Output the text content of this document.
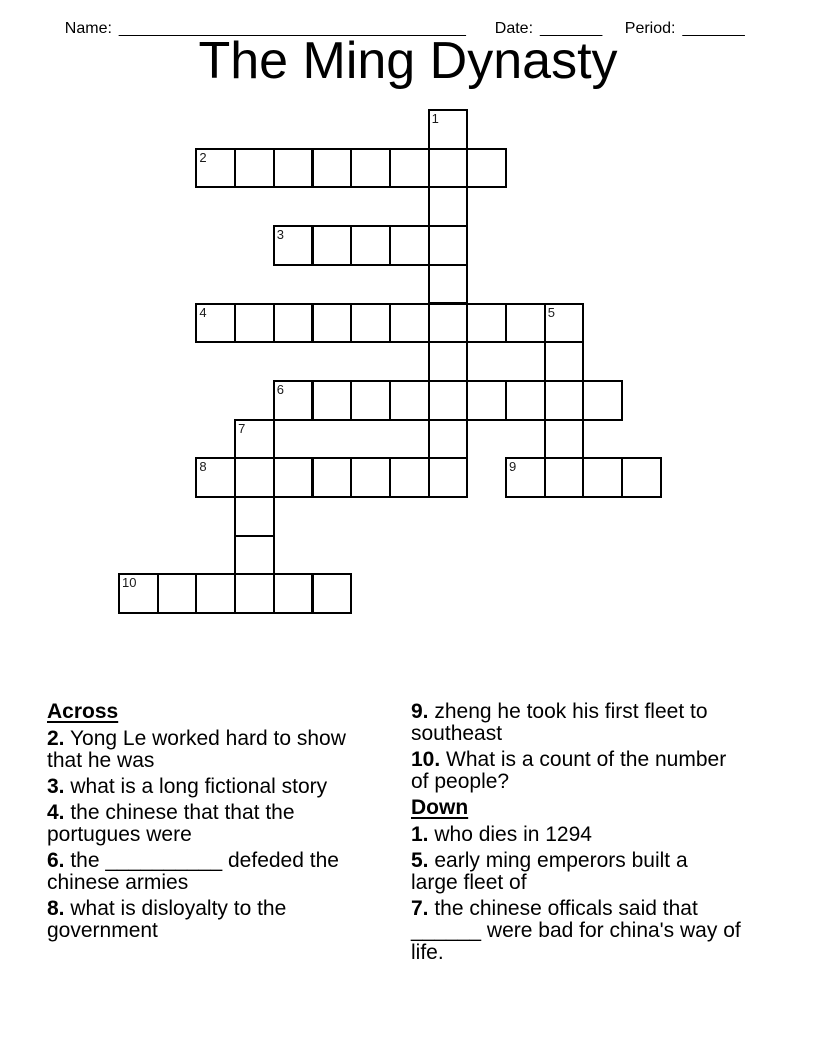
Name: _______________________________________
	Date: _______
	Period: _______

The Ming Dynasty
1
2
3
4	5
6
7
8	9
10
Across

2. Yong Le worked hard to show
that he was

3. what is a long fictional story

4. the chinese that that the
portugues were

6. the __________ defeded the
chinese armies

8. what is disloyalty to the
government

9. zheng he took his first fleet to
southeast

10. What is a count of the number
of people?

Down

1. who dies in 1294

5. early ming emperors built a
large fleet of

7. the chinese officals said that
______ were bad for china's way of
life.
